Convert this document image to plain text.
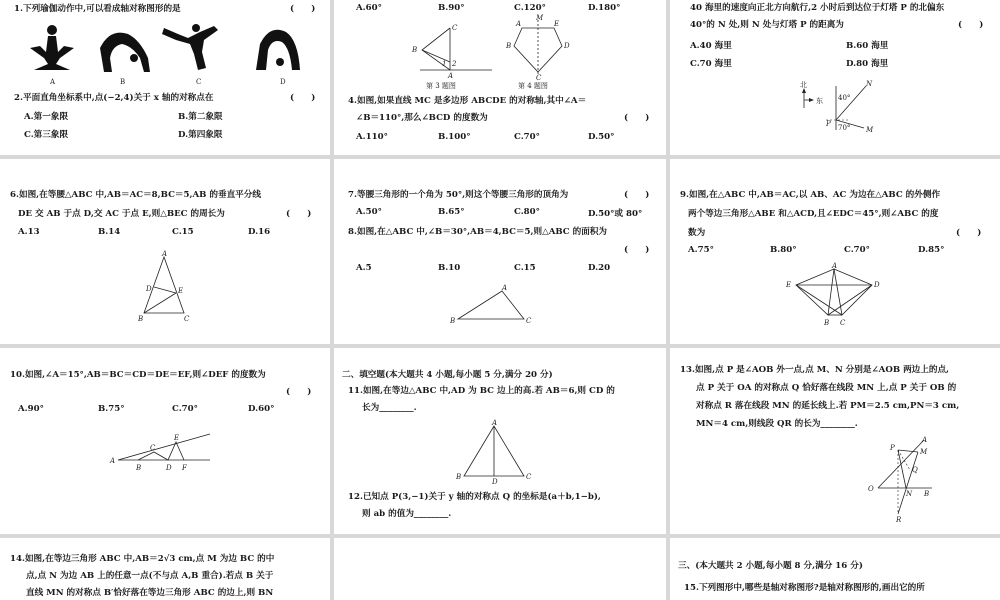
1.下列瑜伽动作中,可以看成轴对称图形的是	(　　)
A	B	C	D
2.平面直角坐标系中,点(−2,4)关于 x 轴的对称点在	(　　)
A.第一象限	B.第二象限
C.第三象限	D.第四象限
A.60°	B.90°	C.120°	D.180°
B
C
1 2
A
第 3 题图
M
A	E
B	D
C
第 4 题图
4.如图,如果直线 MC 是多边形 ABCDE 的对称轴,其中∠A＝
∠B＝110°,那么∠BCD 的度数为	(　　)
A.110°	B.100°	C.70°	D.50°
40 海里的速度向正北方向航行,2 小时后到达位于灯塔 P 的北偏东
40°的 N 处,则 N 处与灯塔 P 的距离为	(　　)
A.40 海里	B.60 海里
C.70 海里	D.80 海里
北
东
N
40°
P 70° M
6.如图,在等腰△ABC 中,AB＝AC＝8,BC＝5,AB 的垂直平分线
DE 交 AB 于点 D,交 AC 于点 E,则△BEC 的周长为	(　　)
A.13	B.14	C.15	D.16
A
D	E
B	C
7.等腰三角形的一个角为 50°,则这个等腰三角形的顶角为	(　　)
A.50°	B.65°	C.80°	D.50°或 80°
8.如图,在△ABC 中,∠B＝30°,AB＝4,BC＝5,则△ABC 的面积为
(　　)
A.5	B.10	C.15	D.20
A
B	C
9.如图,在△ABC 中,AB＝AC,以 AB、AC 为边在△ABC 的外侧作
两个等边三角形△ABE 和△ACD,且∠EDC＝45°,则∠ABC 的度
数为	(　　)
A.75°	B.80°	C.70°	D.85°
A
E	D
B C
10.如图,∠A＝15°,AB＝BC＝CD＝DE＝EF,则∠DEF 的度数为
(　　)
A.90°	B.75°	C.70°	D.60°
A
B
C
D
E
F
二、填空题(本大题共 4 小题,每小题 5 分,满分 20 分)
11.如图,在等边△ABC 中,AD 为 BC 边上的高.若 AB＝6,则 CD 的
长为________.
A
B
D
C
12.已知点 P(3,−1)关于 y 轴的对称点 Q 的坐标是(a＋b,1−b),
则 ab 的值为________.
13.如图,点 P 是∠AOB 外一点,点 M、N 分别是∠AOB 两边上的点,
点 P 关于 OA 的对称点 Q 恰好落在线段 MN 上,点 P 关于 OB 的
对称点 R 落在线段 MN 的延长线上.若 PM＝2.5 cm,PN＝3 cm,
MN＝4 cm,则线段 QR 的长为________.
P
A
M
Q
O
N B
R
14.如图,在等边三角形 ABC 中,AB＝2√3 cm,点 M 为边 BC 的中
点,点 N 为边 AB 上的任意一点(不与点 A,B 重合).若点 B 关于
直线 MN 的对称点 B′恰好落在等边三角形 ABC 的边上,则 BN
三、(本大题共 2 小题,每小题 8 分,满分 16 分)
15.下列图形中,哪些是轴对称图形?是轴对称图形的,画出它的所
